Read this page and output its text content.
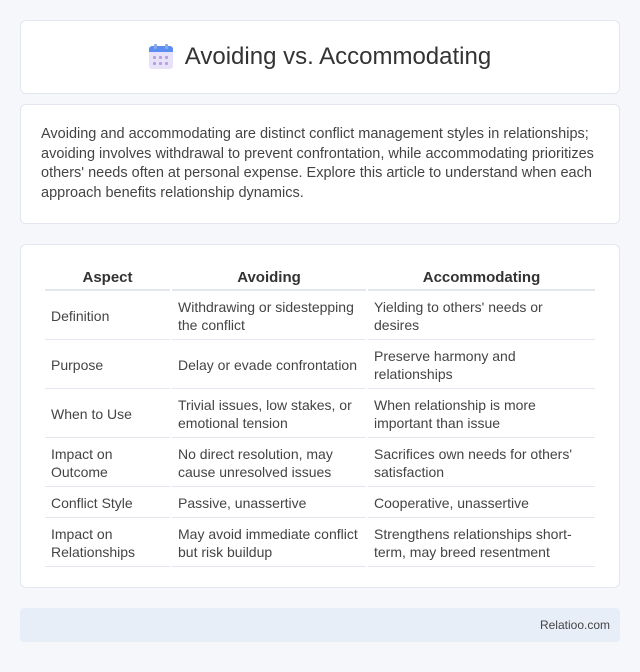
Avoiding vs. Accommodating

Avoiding and accommodating are distinct conflict management styles in relationships; avoiding involves withdrawal to prevent confrontation, while accommodating prioritizes others' needs often at personal expense. Explore this article to understand when each approach benefits relationship dynamics.

Aspect	Avoiding	Accommodating
Definition	Withdrawing or sidestepping the conflict	Yielding to others' needs or desires
Purpose	Delay or evade confrontation	Preserve harmony and relationships
When to Use	Trivial issues, low stakes, or emotional tension	When relationship is more important than issue
Impact on Outcome	No direct resolution, may cause unresolved issues	Sacrifices own needs for others' satisfaction
Conflict Style	Passive, unassertive	Cooperative, unassertive
Impact on Relationships	May avoid immediate conflict but risk buildup	Strengthens relationships short-term, may breed resentment
Relatioo.com
